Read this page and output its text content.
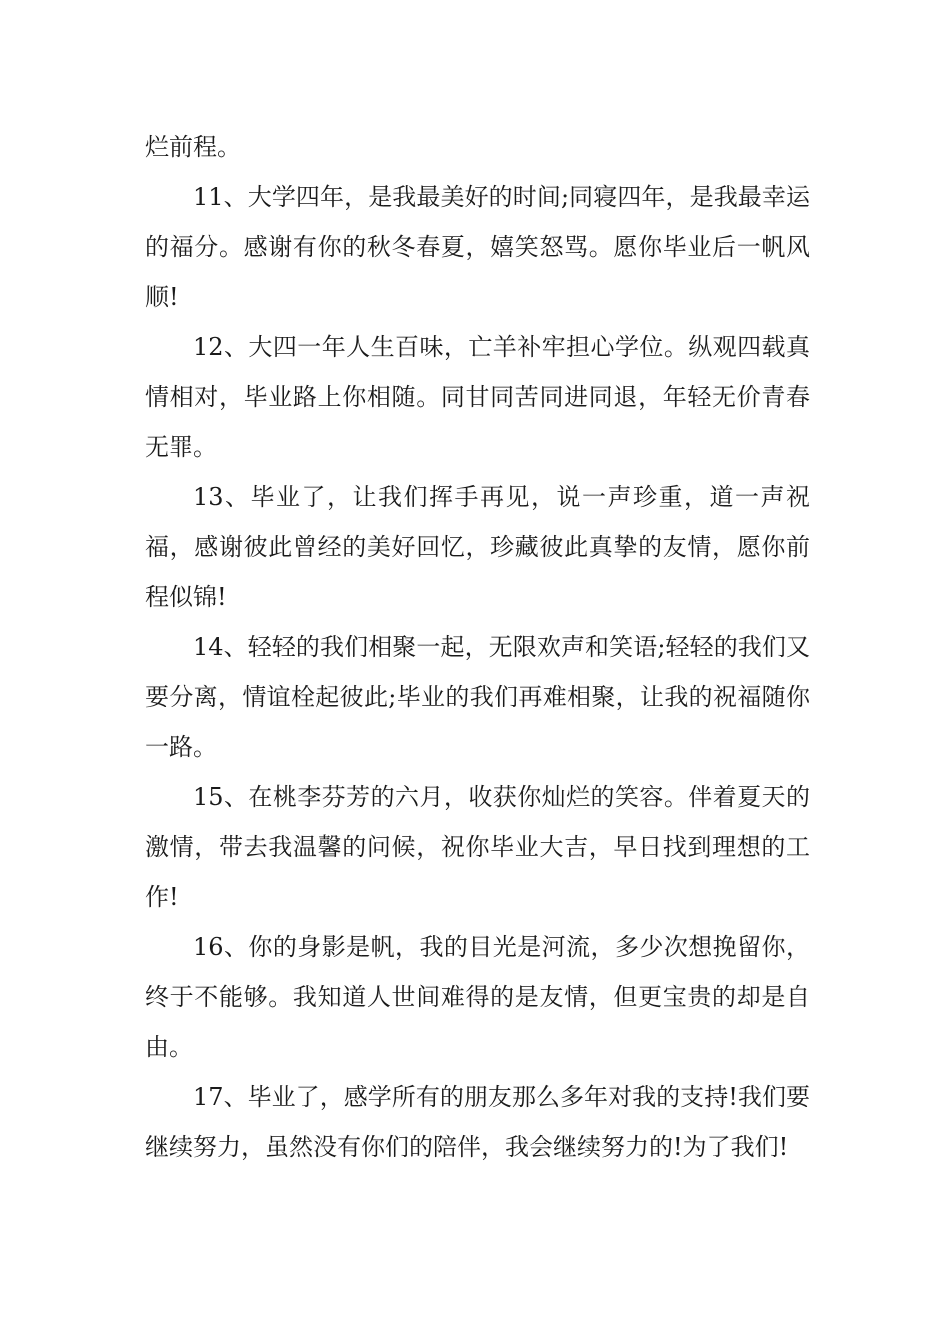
烂前程。

11、大学四年，是我最美好的时间;同寝四年，是我最幸运的福分。感谢有你的秋冬春夏，嬉笑怒骂。愿你毕业后一帆风顺!

12、大四一年人生百味，亡羊补牢担心学位。纵观四载真情相对，毕业路上你相随。同甘同苦同进同退，年轻无价青春无罪。

13、毕业了，让我们挥手再见，说一声珍重，道一声祝福，感谢彼此曾经的美好回忆，珍藏彼此真挚的友情，愿你前程似锦!

14、轻轻的我们相聚一起，无限欢声和笑语;轻轻的我们又要分离，情谊栓起彼此;毕业的我们再难相聚，让我的祝福随你一路。

15、在桃李芬芳的六月，收获你灿烂的笑容。伴着夏天的激情，带去我温馨的问候，祝你毕业大吉，早日找到理想的工作!

16、你的身影是帆，我的目光是河流，多少次想挽留你，终于不能够。我知道人世间难得的是友情，但更宝贵的却是自由。

17、毕业了，感学所有的朋友那么多年对我的支持!我们要继续努力，虽然没有你们的陪伴，我会继续努力的!为了我们!
